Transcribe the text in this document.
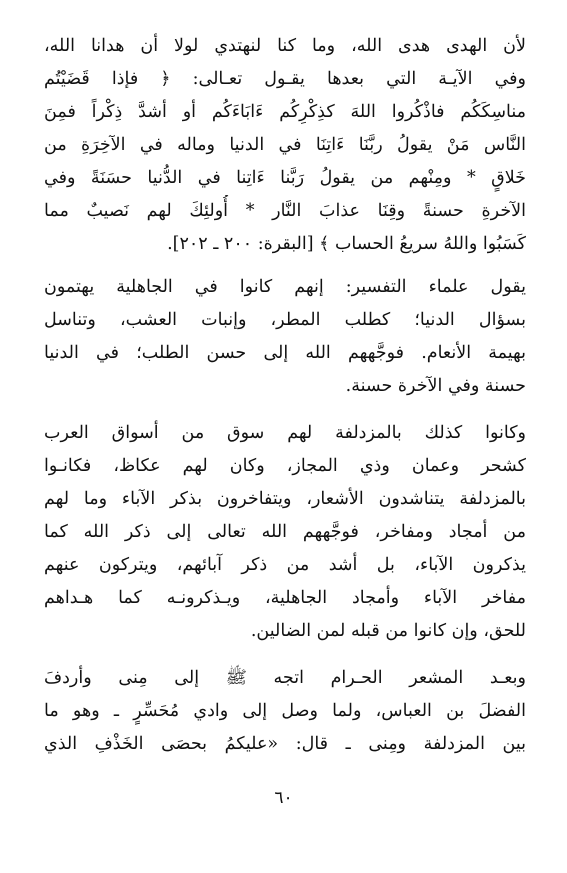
لأن الهدى هدى الله، وما كنا لنهتدي لولا أن هدانا الله،
وفي الآيـة التي بعدها يقـول تعـالى: ﴿ فإذا قَضَيْتُم
مناسِكَكُم فاذْكُروا اللهَ كذِكْرِكُم ءَابَاءَكُم أو أشدَّ ذِكْراً فمِنَ
النَّاس مَنْ يقولُ ربَّنَا ءَاتِنَا في الدنيا وماله في الآخِرَةِ من
خَلاقٍ * ومِنْهم من يقولُ رَبَّنا ءَاتِنا في الدُّنيا حسَنَةً وفي
الآخرةِ حسنةً وقِنَا عذابَ النَّار * أُولئِكَ لهم نَصيبٌ مما
كَسَبُوا واللهُ سريعُ الحساب ﴾ [البقرة: ٢٠٠ ـ ٢٠٢].
يقول علماء التفسير: إنهم كانوا في الجاهلية يهتمون
بسؤال الدنيا؛ كطلب المطر، وإنبات العشب، وتناسل
بهيمة الأنعام. فوجَّههم الله إلى حسن الطلب؛ في الدنيا
حسنة وفي الآخرة حسنة.
وكانوا كذلك بالمزدلفة لهم سوق من أسواق العرب
كشحر وعمان وذي المجاز، وكان لهم عكاظ، فكانـوا
بالمزدلفة يتناشدون الأشعار، ويتفاخرون بذكر الآباء وما لهم
من أمجاد ومفاخر، فوجَّههم الله تعالى إلى ذكر الله كما
يذكرون الآباء، بل أشد من ذكر آبائهم، ويتركون عنهم
مفاخر الآباء وأمجاد الجاهلية، ويـذكرونـه كما هـداهم
للحق، وإن كانوا من قبله لمن الضالين.
وبعـد المشعر الحـرام اتجه ﷺ إلى مِنى وأردفَ
الفضلَ بن العباس، ولما وصل إلى وادي مُحَسِّرٍ ـ وهو ما
بين المزدلفة ومِنى ـ قال: «عليكمُ بحصَى الخَذْفِ الذي
٦٠
